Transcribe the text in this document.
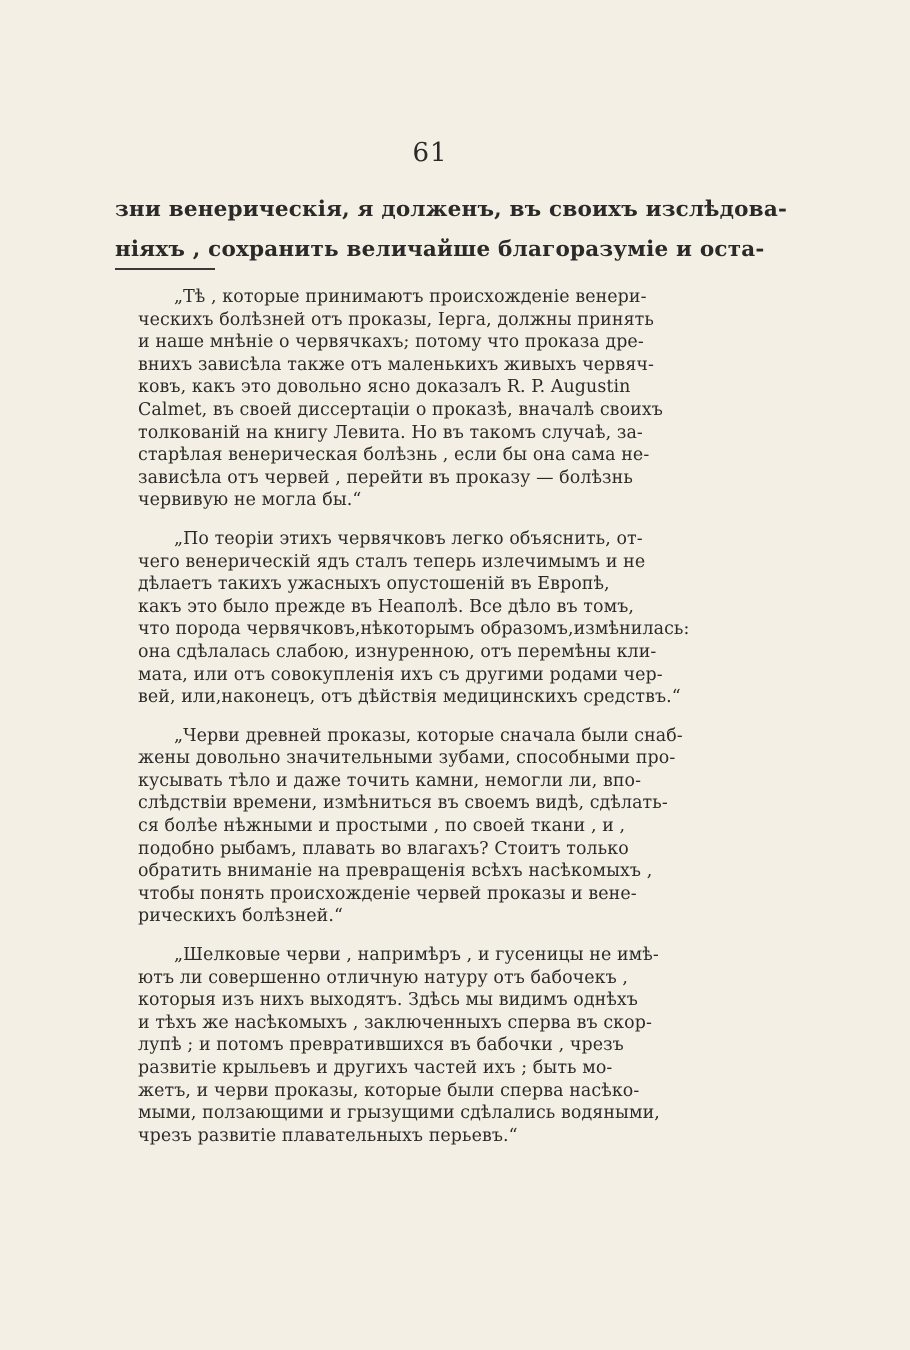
61
зни венерическія, я долженъ, въ своихъ изслѣдова-
ніяхъ , сохранить величайше благоразуміе и оста-
„Тѣ , которые принимаютъ происхожденіе венери-
ческихъ болѣзней отъ проказы, Іерга, должны принять
и наше мнѣніе о червячкахъ; потому что проказа дре-
внихъ зависѣла также отъ маленькихъ живыхъ червяч-
ковъ, какъ это довольно ясно доказалъ R. P. Augustin
Calmet, въ своей диссертаціи о проказѣ, вначалѣ своихъ
толкованій на книгу Левита. Но въ такомъ случаѣ, за-
старѣлая венерическая болѣзнь , если бы она сама не-
зависѣла отъ червей , перейти въ проказу — болѣзнь
червивую не могла бы.“
„По теоріи этихъ червячковъ легко объяснить, от-
чего венерическій ядъ сталъ теперь излечимымъ и не
дѣлаетъ такихъ ужасныхъ опустошеній въ Европѣ,
какъ это было прежде въ Неаполѣ. Все дѣло въ томъ,
что порода червячковъ,нѣкоторымъ образомъ,измѣнилась:
она сдѣлалась слабою, изнуренною, отъ перемѣны кли-
мата, или отъ совокупленія ихъ съ другими родами чер-
вей, или,наконецъ, отъ дѣйствія медицинскихъ средствъ.“
„Черви древней проказы, которые сначала были снаб-
жены довольно значительными зубами, способными про-
кусывать тѣло и даже точить камни, немогли ли, впо-
слѣдствіи времени, измѣниться въ своемъ видѣ, сдѣлать-
ся болѣе нѣжными и простыми , по своей ткани , и ,
подобно рыбамъ, плавать во влагахъ? Стоитъ только
обратить вниманіе на превращенія всѣхъ насѣкомыхъ ,
чтобы понять происхожденіе червей проказы и вене-
рическихъ болѣзней.“
„Шелковые черви , напримѣръ , и гусеницы не имѣ-
ютъ ли совершенно отличную натуру отъ бабочекъ ,
которыя изъ нихъ выходятъ. Здѣсь мы видимъ однѣхъ
и тѣхъ же насѣкомыхъ , заключенныхъ сперва въ скор-
лупѣ ; и потомъ превратившихся въ бабочки , чрезъ
развитіе крыльевъ и другихъ частей ихъ ; быть мо-
жетъ, и черви проказы, которые были сперва насѣко-
мыми, ползающими и грызущими сдѣлались водяными,
чрезъ развитіе плавательныхъ перьевъ.“
